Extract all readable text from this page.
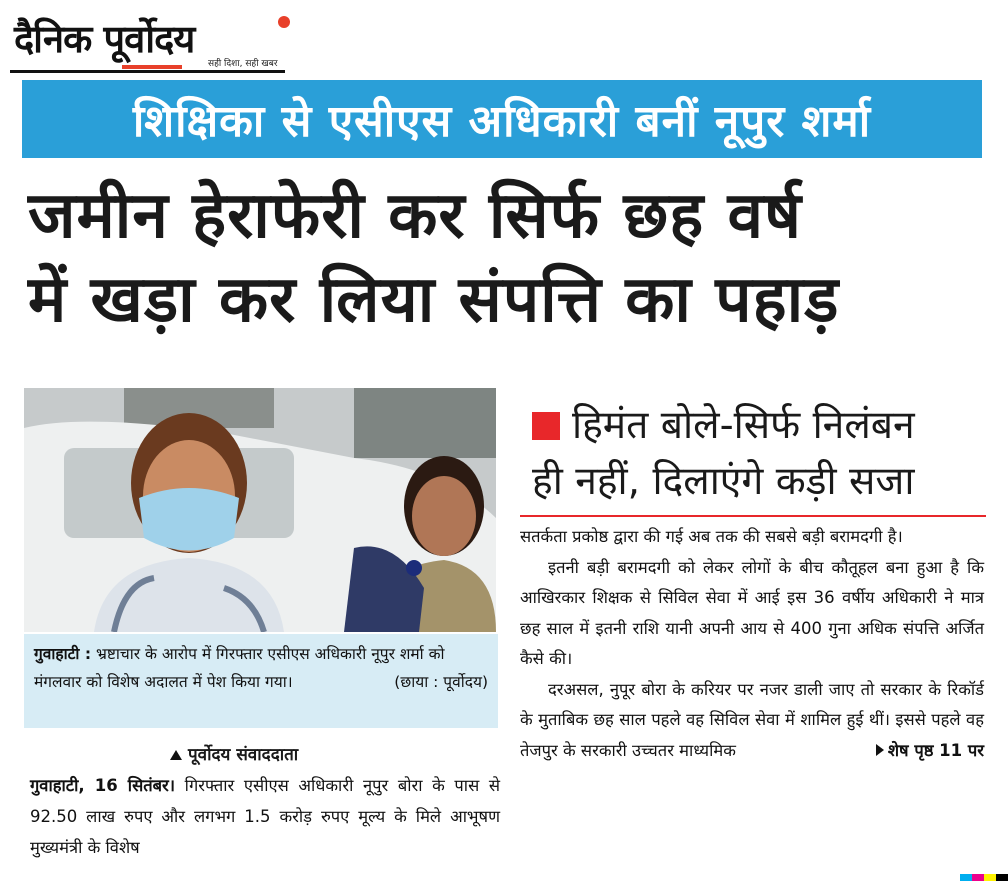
दैनिक पूर्वोदय
सही दिशा, सही खबर
शिक्षिका से एसीएस अधिकारी बनीं नूपुर शर्मा
जमीन हेराफेरी कर सिर्फ छह वर्ष
में खड़ा कर लिया संपत्ति का पहाड़
गुवाहाटी : भ्रष्टाचार के आरोप में गिरफ्तार एसीएस अधिकारी नूपुर शर्मा को मंगलवार को विशेष अदालत में पेश किया गया।	(छाया : पूर्वोदय)
पूर्वोदय संवाददाता
गुवाहाटी, 16 सितंबर। गिरफ्तार एसीएस अधिकारी नूपुर बोरा के पास से 92.50 लाख रुपए और लगभग 1.5 करोड़ रुपए मूल्य के मिले आभूषण मुख्यमंत्री के विशेष
हिमंत बोले-सिर्फ निलंबन
ही नहीं, दिलाएंगे कड़ी सजा

सतर्कता प्रकोष्ठ द्वारा की गई अब तक की सबसे बड़ी बरामदगी है।

इतनी बड़ी बरामदगी को लेकर लोगों के बीच कौतूहल बना हुआ है कि आखिरकार शिक्षक से सिविल सेवा में आई इस 36 वर्षीय अधिकारी ने मात्र छह साल में इतनी राशि यानी अपनी आय से 400 गुना अधिक संपत्ति अर्जित कैसे की।

दरअसल, नुपूर बोरा के करियर पर नजर डाली जाए तो सरकार के रिकॉर्ड के मुताबिक छह साल पहले वह सिविल सेवा में शामिल हुई थीं। इससे पहले वह तेजपुर के सरकारी उच्चतर माध्यमिक	शेष पृष्ठ 11 पर
